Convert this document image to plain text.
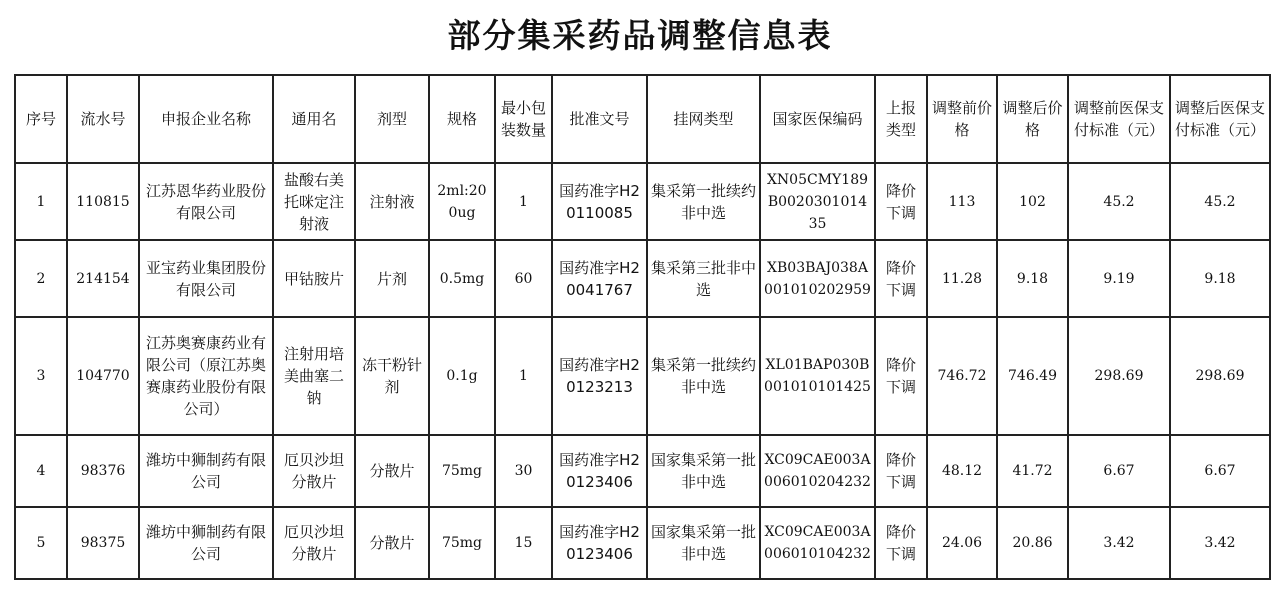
部分集采药品调整信息表
序号	流水号	申报企业名称	通用名	剂型	规格	最小包装数量	批准文号	挂网类型	国家医保编码	上报类型	调整前价格	调整后价格	调整前医保支付标准（元）	调整后医保支付标准（元）
1	110815	江苏恩华药业股份有限公司	盐酸右美托咪定注射液	注射液	2ml:200ug	1	国药准字H20110085	集采第一批续约非中选	XN05CMY189B002030101435	降价下调	113	102	45.2	45.2
2	214154	亚宝药业集团股份有限公司	甲钴胺片	片剂	0.5mg	60	国药准字H20041767	集采第三批非中选	XB03BAJ038A001010202959	降价下调	11.28	9.18	9.19	9.18
3	104770	江苏奥赛康药业有限公司（原江苏奥赛康药业股份有限公司）	注射用培美曲塞二钠	冻干粉针剂	0.1g	1	国药准字H20123213	集采第一批续约非中选	XL01BAP030B001010101425	降价下调	746.72	746.49	298.69	298.69
4	98376	潍坊中狮制药有限公司	厄贝沙坦分散片	分散片	75mg	30	国药准字H20123406	国家集采第一批非中选	XC09CAE003A006010204232	降价下调	48.12	41.72	6.67	6.67
5	98375	潍坊中狮制药有限公司	厄贝沙坦分散片	分散片	75mg	15	国药准字H20123406	国家集采第一批非中选	XC09CAE003A006010104232	降价下调	24.06	20.86	3.42	3.42
